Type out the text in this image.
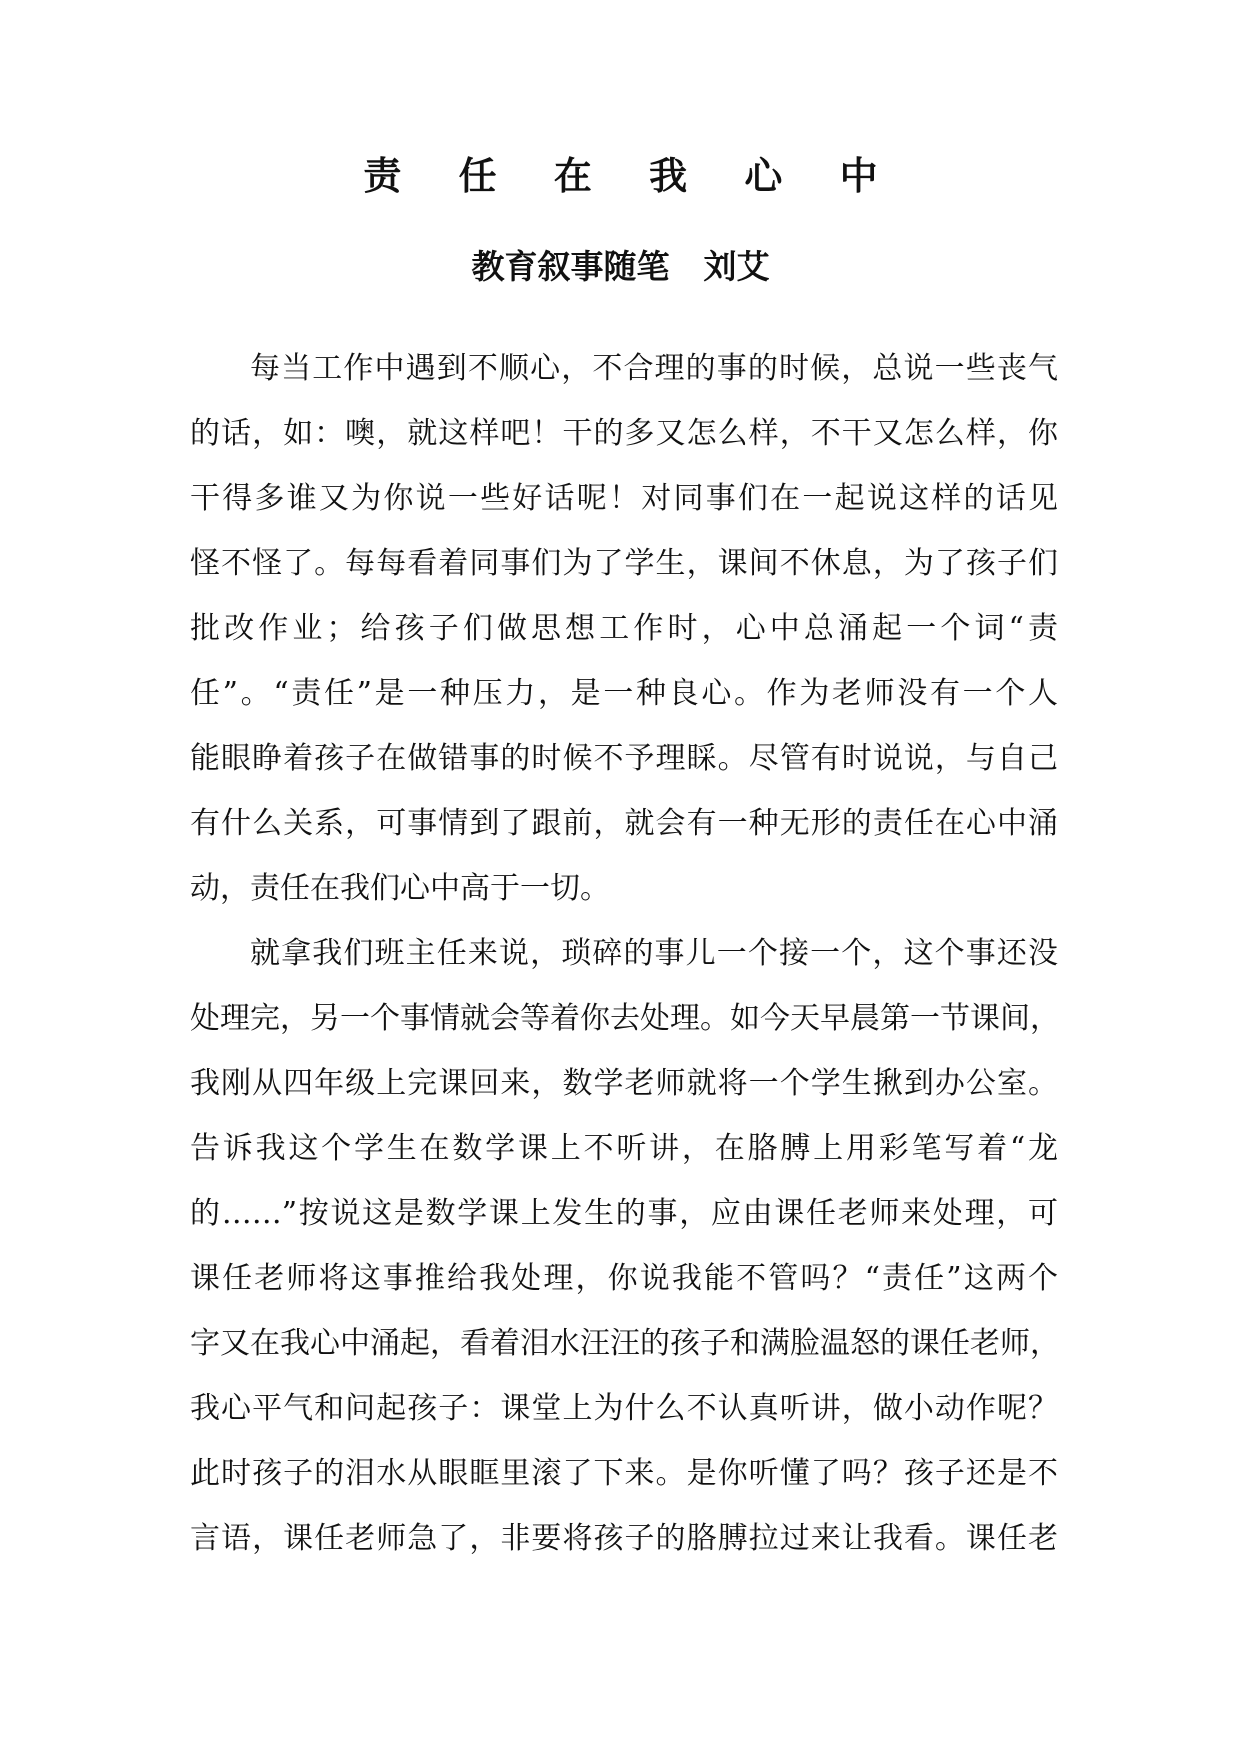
责 任 在 我 心 中
教育叙事随笔 刘艾
每当工作中遇到不顺心，不合理的事的时候，总说一些丧气
的话，如：噢，就这样吧！干的多又怎么样，不干又怎么样，你
干得多谁又为你说一些好话呢！对同事们在一起说这样的话见
怪不怪了。每每看着同事们为了学生，课间不休息，为了孩子们
批改作业；给孩子们做思想工作时，心中总涌起一个词“责
任”。“责任”是一种压力，是一种良心。作为老师没有一个人
能眼睁着孩子在做错事的时候不予理睬。尽管有时说说，与自己
有什么关系，可事情到了跟前，就会有一种无形的责任在心中涌
动，责任在我们心中高于一切。
就拿我们班主任来说，琐碎的事儿一个接一个，这个事还没
处理完，另一个事情就会等着你去处理。如今天早晨第一节课间，
我刚从四年级上完课回来，数学老师就将一个学生揪到办公室。
告诉我这个学生在数学课上不听讲，在胳膊上用彩笔写着“龙
的……”按说这是数学课上发生的事，应由课任老师来处理，可
课任老师将这事推给我处理，你说我能不管吗？“责任”这两个
字又在我心中涌起，看着泪水汪汪的孩子和满脸温怒的课任老师，
我心平气和问起孩子：课堂上为什么不认真听讲，做小动作呢？
此时孩子的泪水从眼眶里滚了下来。是你听懂了吗？孩子还是不
言语，课任老师急了，非要将孩子的胳膊拉过来让我看。课任老
